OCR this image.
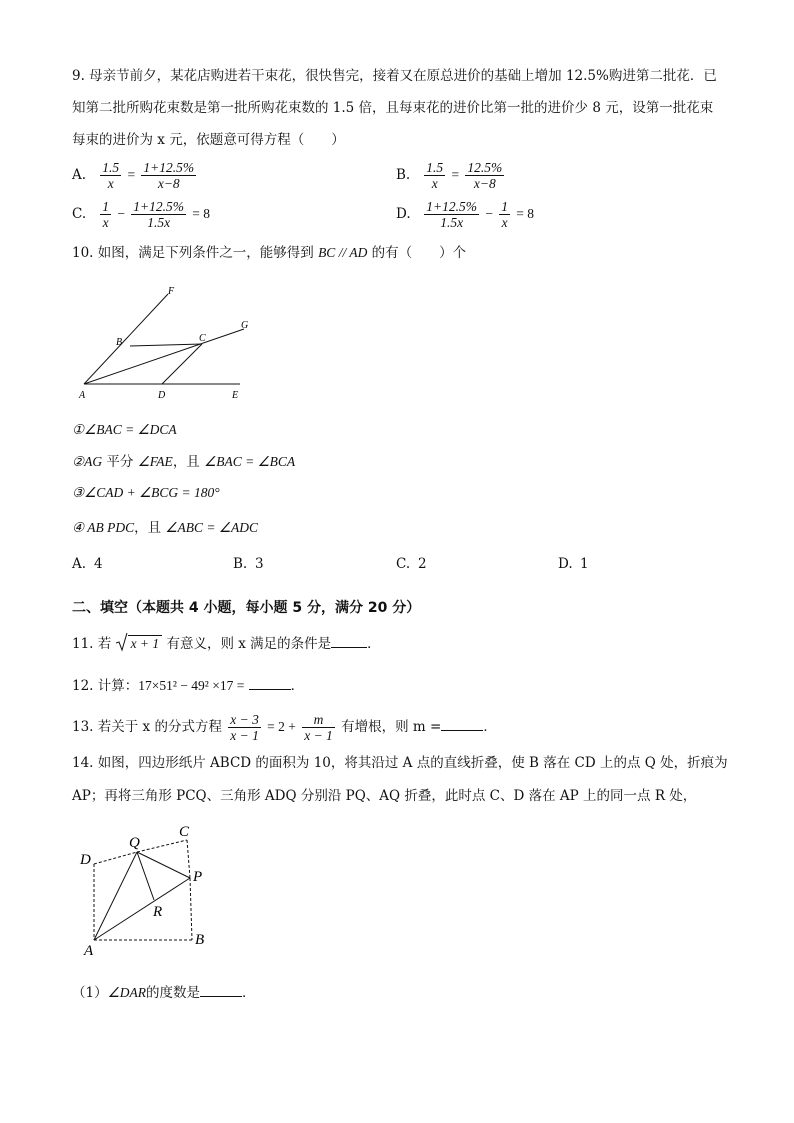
9. 母亲节前夕，某花店购进若干束花，很快售完，接着又在原总进价的基础上增加 12.5%购进第二批花．已
知第二批所购花束数是第一批所购花束数的 1.5 倍，且每束花的进价比第一批的进价少 8 元，设第一批花束
每束的进价为 x 元，依题意可得方程（　　）
A. $\frac{1.5}{x} = \frac{1+12.5\%}{x-8}$	B. $\frac{1.5}{x} = \frac{12.5\%}{x-8}$
C. $\frac{1}{x} - \frac{1+12.5\%}{1.5x} = 8$	D. $\frac{1+12.5\%}{1.5x} - \frac{1}{x} = 8$
10. 如图，满足下列条件之一，能够得到 BC // AD 的有（　　）个
F
G
B	C
A	D	E
①∠BAC = ∠DCA
②AG 平分 ∠FAE，且 ∠BAC = ∠BCA
③∠CAD + ∠BCG = 180°
④ AB PDC，且 ∠ABC = ∠ADC
A. 4	B. 3	C. 2	D. 1
二、填空（本题共 4 小题，每小题 5 分，满分 20 分）
11. 若 x + 1 有意义，则 x 满足的条件是	．
12. 计算：17×51² − 49² ×17 =	．
13. 若关于 x 的分式方程 $\frac{x - 3}{x - 1} = 2 + \frac{m}{x - 1}$ 有增根，则 m =	．
14. 如图，四边形纸片 ABCD 的面积为 10，将其沿过 A 点的直线折叠，使 B 落在 CD 上的点 Q 处，折痕为
AP；再将三角形 PCQ、三角形 ADQ 分别沿 PQ、AQ 折叠，此时点 C、D 落在 AP 上的同一点 R 处，
Q
C
D
P
R
A
B
（1）∠DAR的度数是	．
